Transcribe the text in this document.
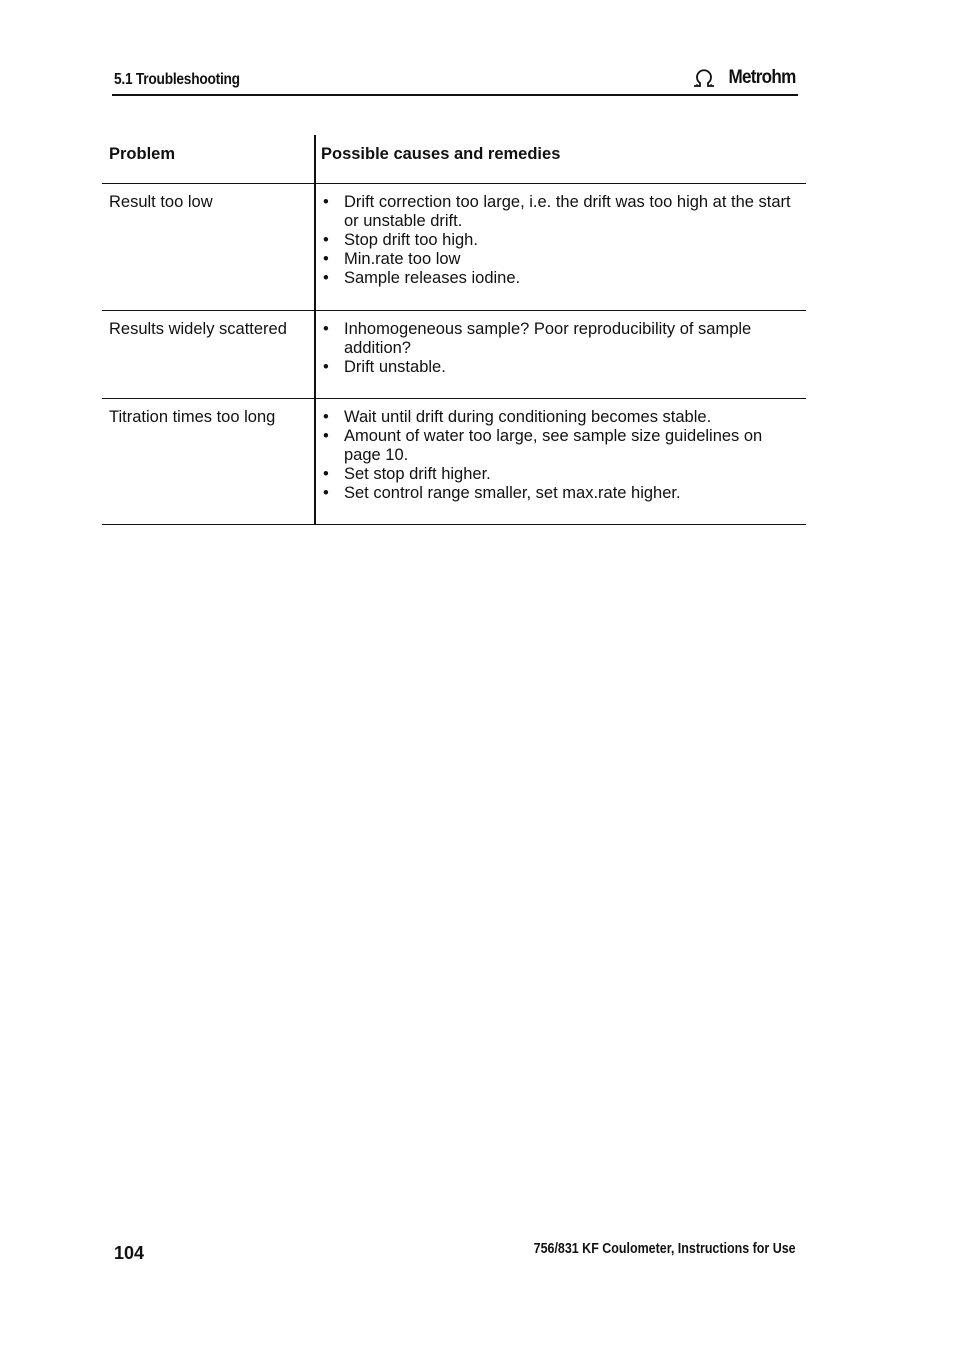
5.1 Troubleshooting	Metrohm
Problem	Possible causes and remedies
Result too low	• Drift correction too large, i.e. the drift was too high at the start or unstable drift.
• Stop drift too high.
• Min.rate too low
• Sample releases iodine.
Results widely scattered	• Inhomogeneous sample? Poor reproducibility of sample addition?
• Drift unstable.
Titration times too long	• Wait until drift during conditioning becomes stable.
• Amount of water too large, see sample size guidelines on page 10.
• Set stop drift higher.
• Set control range smaller, set max.rate higher.
104	756/831 KF Coulometer, Instructions for Use
